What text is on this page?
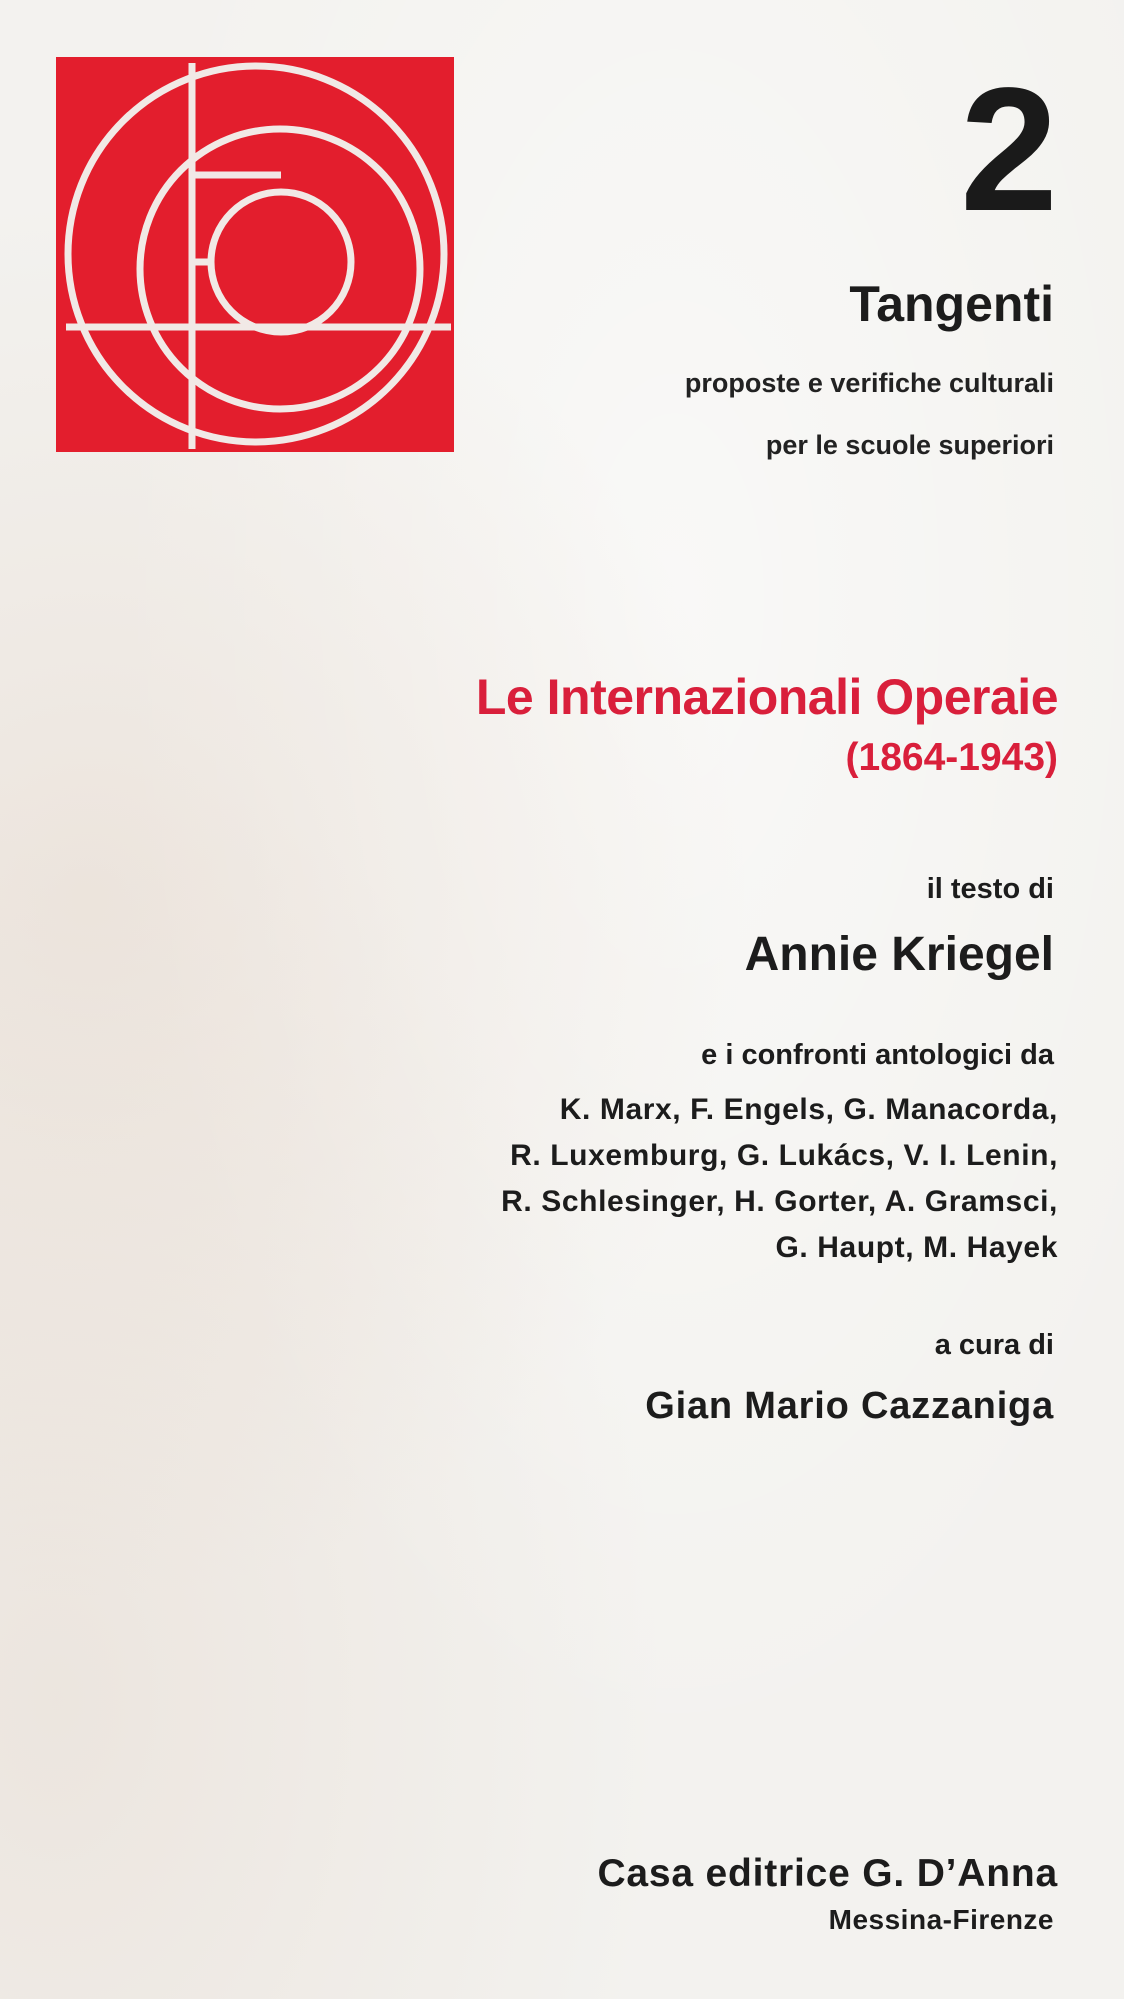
2
Tangenti
proposte e verifiche culturali
per le scuole superiori
Le Internazionali Operaie
(1864-1943)
il testo di
Annie Kriegel
e i confronti antologici da
K. Marx, F. Engels, G. Manacorda,
R. Luxemburg, G. Lukács, V. I. Lenin,
R. Schlesinger, H. Gorter, A. Gramsci,
G. Haupt, M. Hayek
a cura di
Gian Mario Cazzaniga
Casa editrice G. D’Anna
Messina-Firenze
